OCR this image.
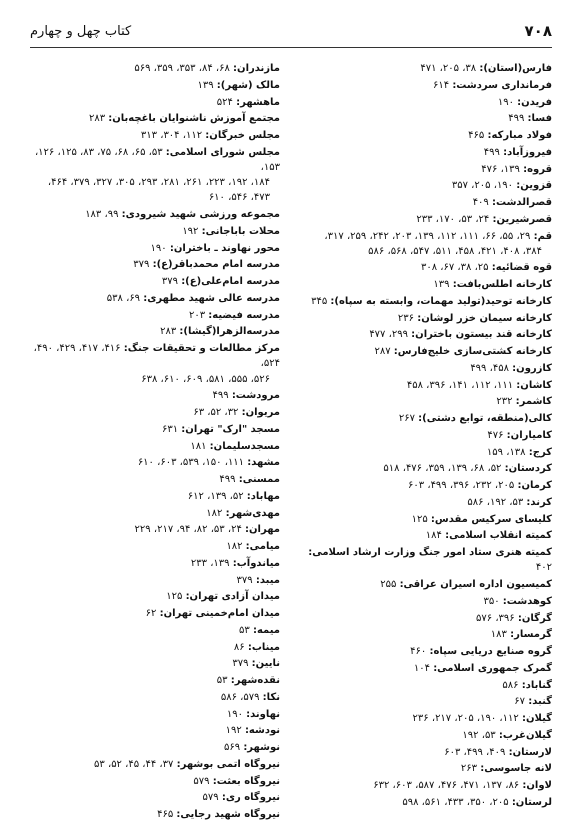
۷۰۸
کتاب چهل و چهارم
فارس(استان): ۳۸، ۲۰۵، ۴۷۱
فرمانداری سردشت: ۶۱۴
فریدن: ۱۹۰
فسا: ۴۹۹
فولاد مبارکه: ۴۶۵
فیروزآباد: ۴۹۹
قروه: ۱۳۹، ۴۷۶
قزوین: ۱۹۰، ۲۰۵، ۳۵۷
قصرالدشت: ۴۰۹
قصرشیرین: ۲۴، ۵۳، ۱۷۰، ۲۳۳
قم: ۲۹، ۵۵، ۶۶، ۱۱۱، ۱۱۲، ۱۳۹، ۲۰۳، ۲۴۲، ۲۵۹، ۳۱۷،
۳۸۴، ۴۰۸، ۴۲۱، ۴۵۸، ۵۱۱، ۵۴۷، ۵۶۸، ۵۸۶
قوه قضائیه: ۲۵، ۳۸، ۶۷، ۳۰۸
کارخانه اطلس‌بافت: ۱۳۹
کارخانه توحید(تولید مهمات، وابسته به سپاه): ۳۴۵
کارخانه سیمان خزر لوشان: ۲۳۶
کارخانه قند بیستون باختران: ۲۹۹، ۴۷۷
کارخانه کشتی‌سازی خلیج‌فارس: ۲۸۷
کازرون: ۴۵۸، ۴۹۹
کاشان: ۱۱۱، ۱۱۲، ۱۴۱، ۳۹۶، ۴۵۸
کاشمر: ۲۳۲
کالی(منطقه، توابع دشتی): ۲۶۷
کامیاران: ۴۷۶
کرج: ۱۳۸، ۱۵۹
کردستان: ۵۲، ۶۸، ۱۳۹، ۳۵۹، ۴۷۶، ۵۱۸
کرمان: ۲۰۵، ۲۳۲، ۳۹۶، ۴۹۹، ۶۰۳
کرند: ۵۳، ۱۹۲، ۵۸۶
کلیسای سرکیس مقدس: ۱۲۵
کمیته انقلاب اسلامی: ۱۸۴
کمیته هنری ستاد امور جنگ وزارت ارشاد اسلامی: ۴۰۲
کمیسیون اداره اسیران عراقی: ۲۵۵
کوهدشت: ۳۵۰
گرگان: ۳۹۶، ۵۷۶
گرمسار: ۱۸۳
گروه صنایع دریایی سپاه: ۴۶۰
گمرک جمهوری اسلامی: ۱۰۴
گناباد: ۵۸۶
گنبد: ۶۷
گیلان: ۱۱۲، ۱۹۰، ۲۰۵، ۲۱۷، ۲۳۶
گیلان‌غرب: ۵۳، ۱۹۲
لارستان: ۴۰۹، ۴۹۹، ۶۰۳
لانه جاسوسی: ۲۶۳
لاوان: ۸۶، ۱۳۷، ۴۷۱، ۴۷۶، ۵۸۷، ۶۰۳، ۶۳۲
لرستان: ۲۰۵، ۳۵۰، ۴۳۳، ۵۶۱، ۵۹۸
مازندران: ۶۸، ۸۴، ۳۵۳، ۳۵۹، ۵۶۹
مالک (شهر): ۱۳۹
ماهشهر: ۵۲۴
مجتمع آموزش ناشنوایان باغچه‌بان: ۲۸۳
مجلس خبرگان: ۱۱۲، ۳۰۴، ۳۱۳
مجلس شورای اسلامی: ۵۳، ۶۵، ۶۸، ۷۵، ۸۳، ۱۲۵، ۱۲۶، ۱۵۳،
۱۸۴، ۱۹۲، ۲۲۳، ۲۶۱، ۲۸۱، ۲۹۳، ۳۰۵، ۳۲۷، ۳۷۹، ۴۶۴،
۴۷۳، ۵۴۶، ۶۱۰
مجموعه ورزشی شهید شیرودی: ۹۹، ۱۸۳
محلات باباجانی: ۱۹۲
محور نهاوند ـ باختران: ۱۹۰
مدرسه امام محمدباقر(ع): ۳۷۹
مدرسه امام‌علی(ع): ۳۷۹
مدرسه عالی شهید مطهری: ۶۹، ۵۳۸
مدرسه فیضیه: ۲۰۳
مدرسه‌الزهرا(گیشا): ۲۸۳
مرکز مطالعات و تحقیقات جنگ: ۴۱۶، ۴۱۷، ۴۲۹، ۴۹۰، ۵۲۴،
۵۲۶، ۵۵۵، ۵۸۱، ۶۰۹، ۶۱۰، ۶۳۸
مرودشت: ۴۹۹
مریوان: ۳۲، ۵۲، ۶۳
مسجد "ارک" تهران: ۶۳۱
مسجدسلیمان: ۱۸۱
مشهد: ۱۱۱، ۱۵۰، ۵۳۹، ۶۰۳، ۶۱۰
ممسنی: ۴۹۹
مهاباد: ۵۲، ۱۳۹، ۶۱۲
مهدی‌شهر: ۱۸۲
مهران: ۲۴، ۵۳، ۸۲، ۹۴، ۲۱۷، ۲۲۹
میامی: ۱۸۲
میاندوآب: ۱۳۹، ۲۳۳
میبد: ۳۷۹
میدان آزادی تهران: ۱۲۵
میدان امام‌خمینی تهران: ۶۲
میمه: ۵۳
میناب: ۸۶
نایین: ۳۷۹
نقده‌شهر: ۵۳
نکا: ۵۷۹، ۵۸۶
نهاوند: ۱۹۰
نودشه: ۱۹۲
نوشهر: ۵۶۹
نیروگاه اتمی بوشهر: ۳۷، ۴۴، ۴۵، ۵۲، ۵۳
نیروگاه بعثت: ۵۷۹
نیروگاه ری: ۵۷۹
نیروگاه شهید رجایی: ۴۶۵
